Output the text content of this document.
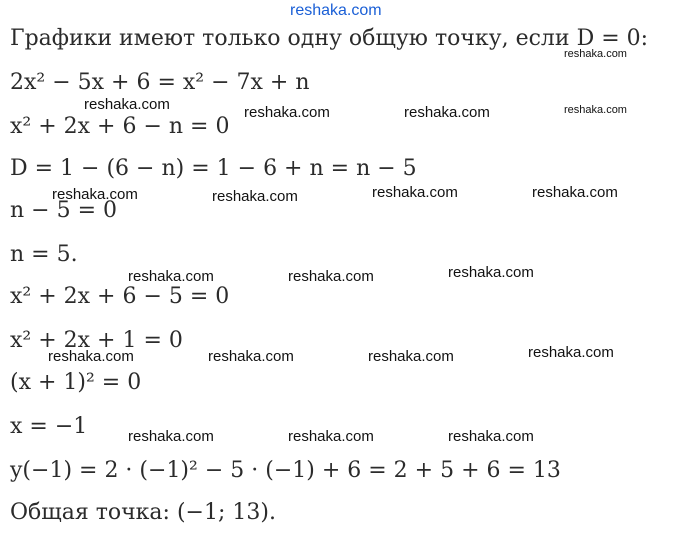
reshaka.com
Графики имеют только одну общую точку, если D = 0:
2x² − 5x + 6 = x² − 7x + n
x² + 2x + 6 − n = 0
D = 1 − (6 − n) = 1 − 6 + n = n − 5
n − 5 = 0
n = 5.
x² + 2x + 6 − 5 = 0
x² + 2x + 1 = 0
(x + 1)² = 0
x = −1
y(−1) = 2 · (−1)² − 5 · (−1) + 6 = 2 + 5 + 6 = 13
Общая точка: (−1; 13).
reshaka.com
reshaka.com	reshaka.com	reshaka.com	reshaka.com
reshaka.com	reshaka.com	reshaka.com	reshaka.com
reshaka.com	reshaka.com	reshaka.com
reshaka.com	reshaka.com	reshaka.com	reshaka.com
reshaka.com	reshaka.com	reshaka.com
